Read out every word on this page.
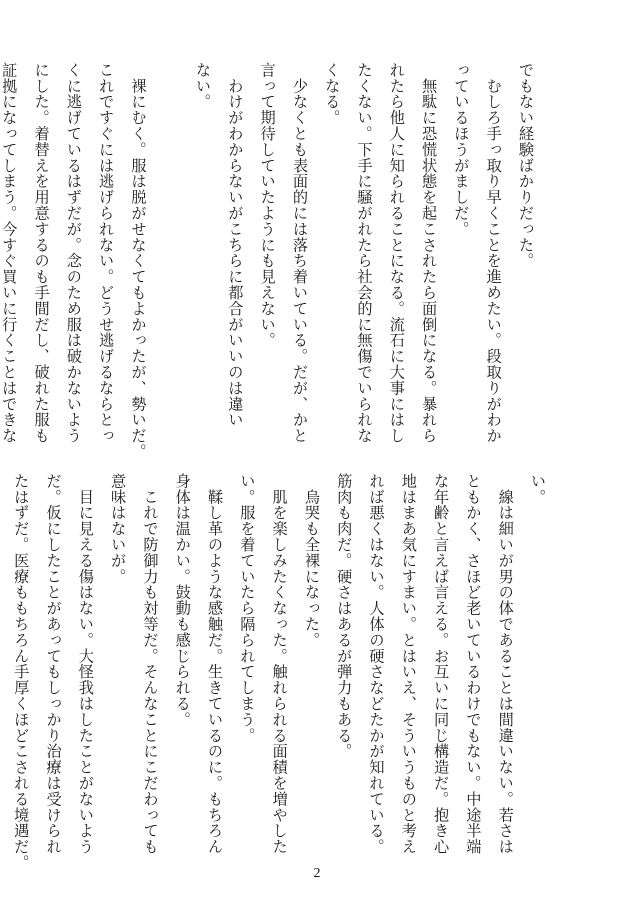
でもない経験ばかりだった。
　むしろ手っ取り早くことを進めたい。段取りがわか
っているほうがましだ。
　無駄に恐慌状態を起こされたら面倒になる。暴れら
れたら他人に知られることになる。流石に大事にはし
たくない。下手に騒がれたら社会的に無傷でいられな
くなる。
　少なくとも表面的には落ち着いている。だが、かと
言って期待していたようにも見えない。
　わけがわからないがこちらに都合がいいのは違い
ない。

　裸にむく。服は脱がせなくてもよかったが、勢いだ。
これですぐには逃げられない。どうせ逃げるならとっ
くに逃げているはずだが。念のため服は破かないよう
にした。着替えを用意するのも手間だし、破れた服も
証拠になってしまう。今すぐ買いに行くことはできな
い。
　線は細いが男の体であることは間違いない。若さは
ともかく、さほど老いているわけでもない。中途半端
な年齢と言えば言える。お互いに同じ構造だ。抱き心
地はまあ気にすまい。とはいえ、そういうものと考え
れば悪くはない。人体の硬さなどたかが知れている。
筋肉も肉だ。硬さはあるが弾力もある。
　烏哭も全裸になった。
　肌を楽しみたくなった。触れられる面積を増やした
い。服を着ていたら隔られてしまう。
　鞣し革のような感触だ。生きているのに。もちろん
身体は温かい。鼓動も感じられる。
　これで防御力も対等だ。そんなことにこだわっても
意味はないが。
　目に見える傷はない。大怪我はしたことがないよう
だ。仮にしたことがあってもしっかり治療は受けられ
たはずだ。医療ももちろん手厚くほどこされる境遇だ。
2
